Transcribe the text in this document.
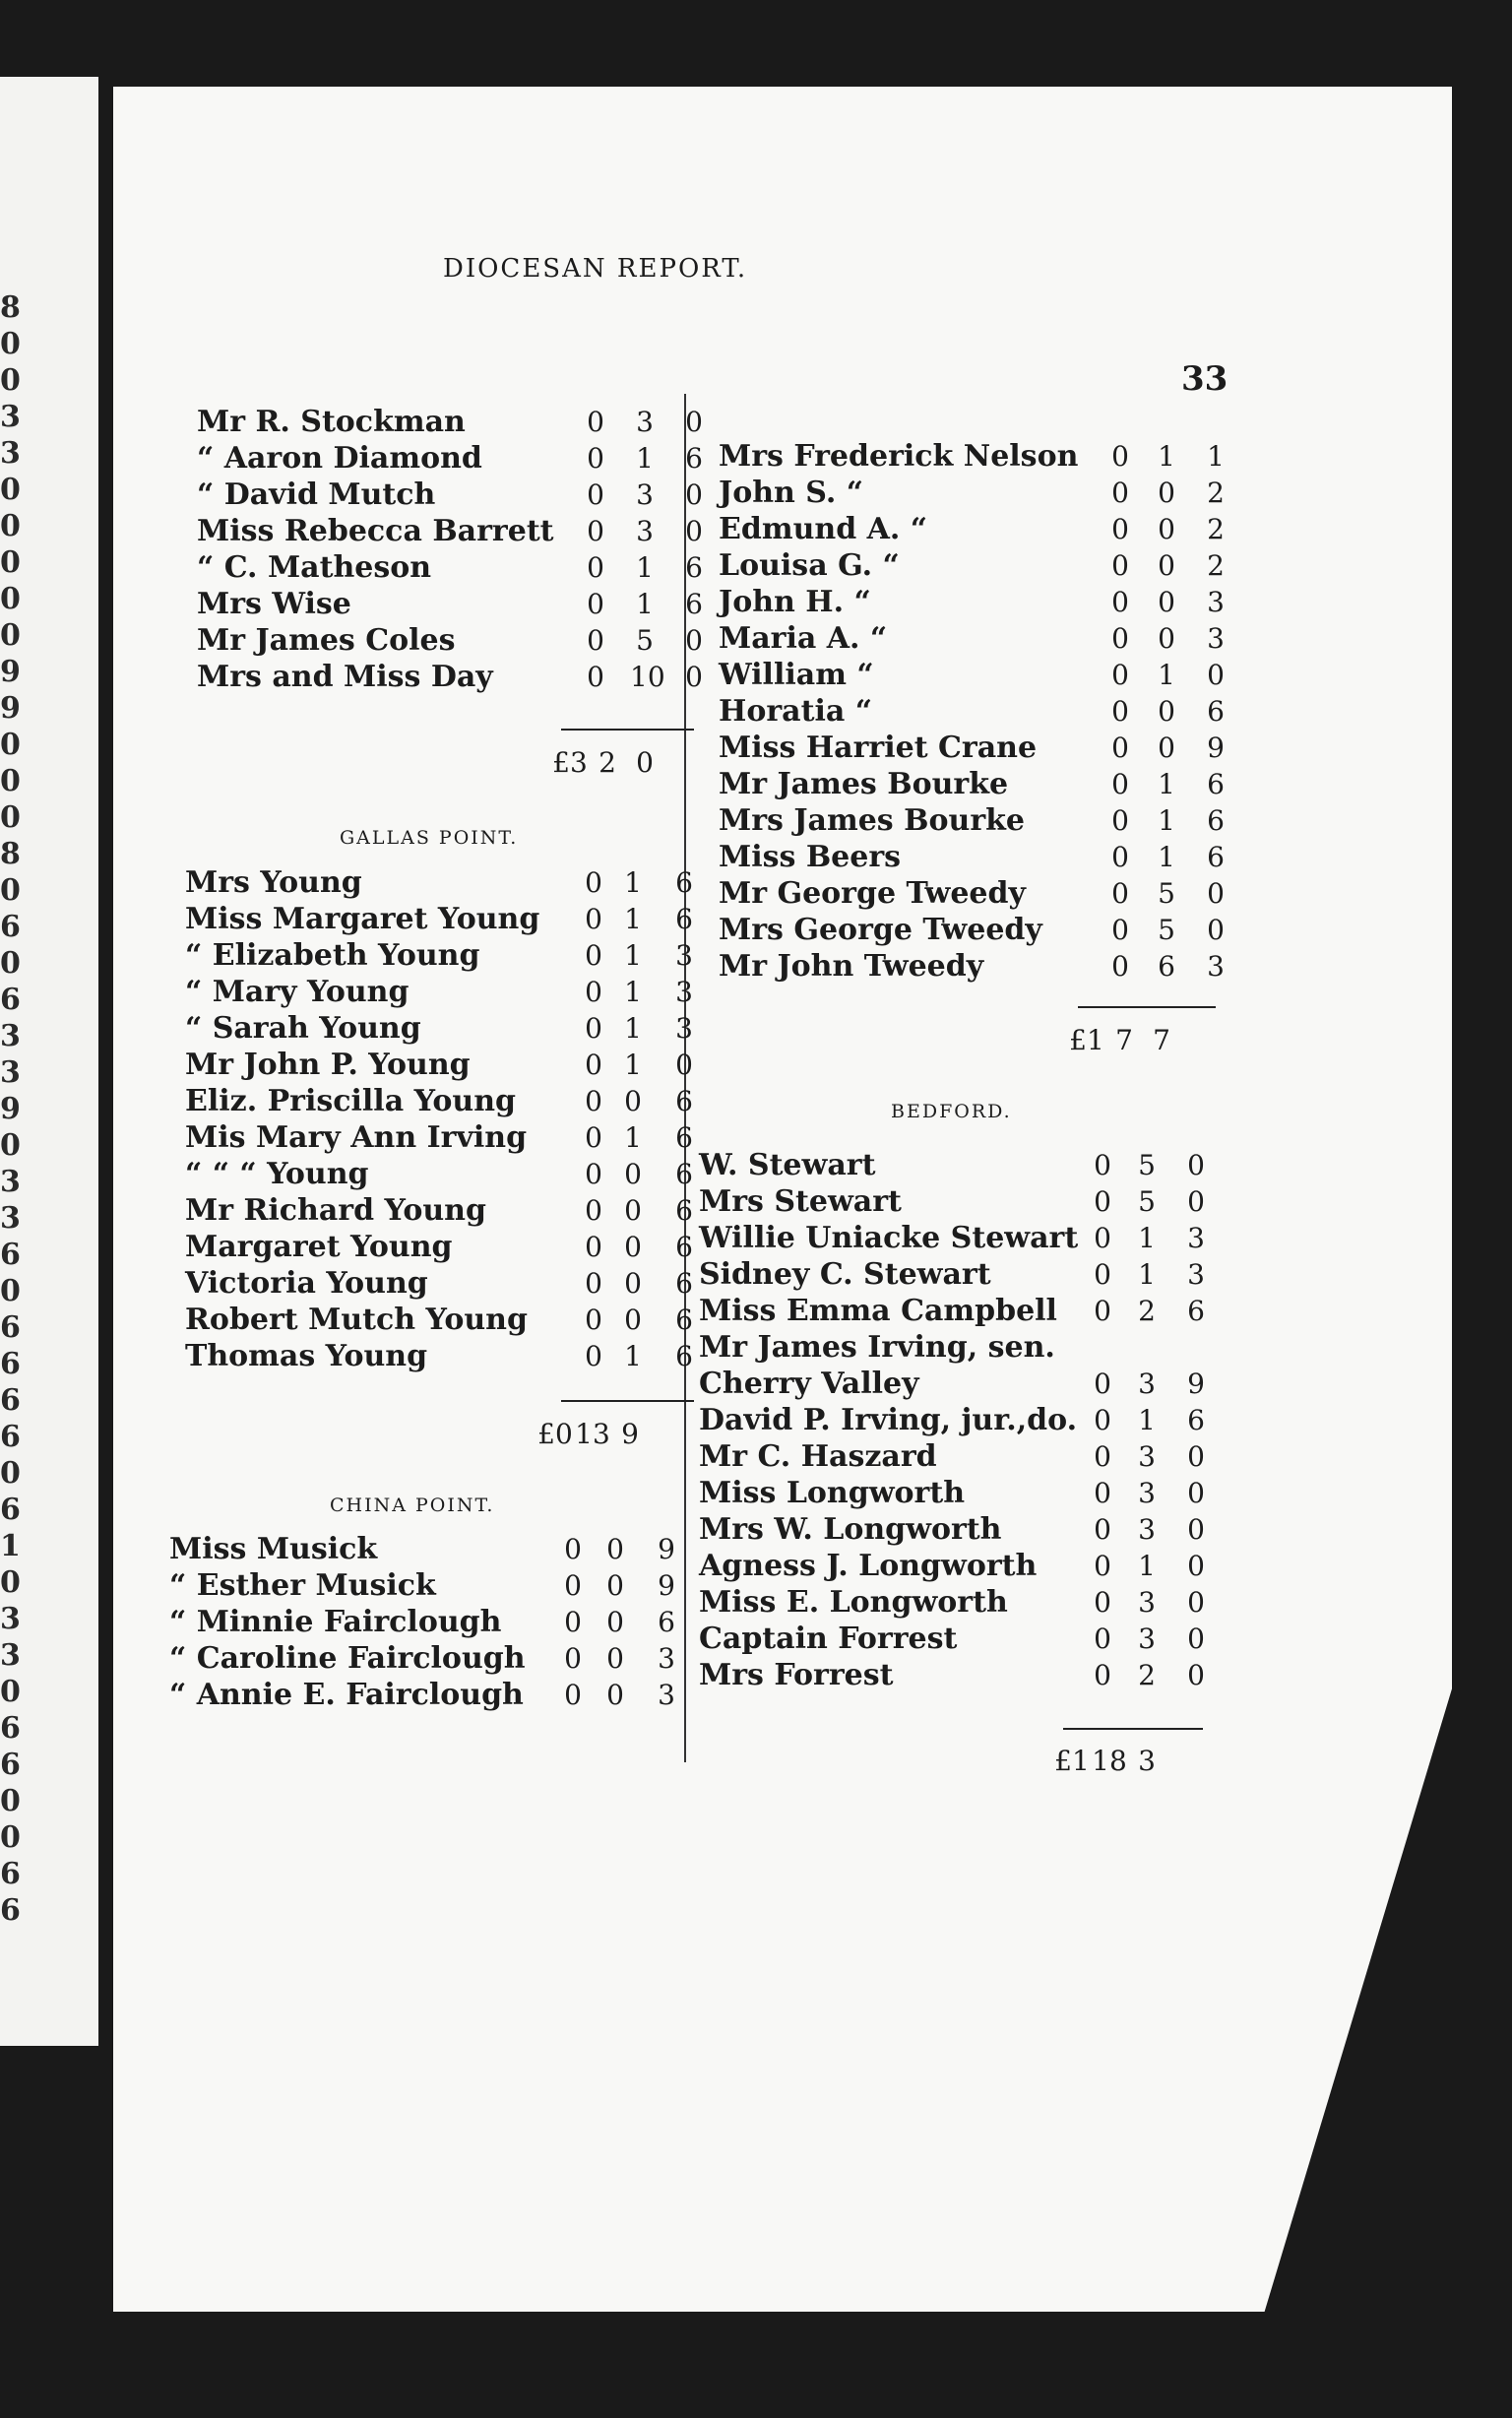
8
0
0
3
3
0
0
0
0
0
9
9
0
0
0
8
0
6
0
6
3
3
9
0
3
3
6
0
6
6
6
6
0
6
1
0
3
3
0
6
6
0
0
6
6
DIOCESAN REPORT.
33
Mr R. Stockman	0 3 0
“ Aaron Diamond	0 1 6
“ David Mutch	0 3 0
Miss Rebecca Barrett 0 3 0
“ C. Matheson	0 1 6
Mrs Wise	0 1 6
Mr James Coles	0 5 0
Mrs and Miss Day	0 10 0
£3 2 0
GALLAS POINT.
Mrs Young	0 1 6
Miss Margaret Young 0 1 6
“ Elizabeth Young	0 1 3
“ Mary Young	0 1 3
“ Sarah Young	0 1 3
Mr John P. Young	0 1 0
Eliz. Priscilla Young	0 0 6
Mis Mary Ann Irving 0 1 6
“ “ “ Young	0 0 6
Mr Richard Young	0 0 6
Margaret Young	0 0 6
Victoria Young	0 0 6
Robert Mutch Young 0 0 6
Thomas Young	0 1 6
£013 9
CHINA POINT.
Miss Musick	0 0 9
“ Esther Musick	0 0 9
“ Minnie Fairclough 0 0 6
“ Caroline Fairclough 0 0 3
“ Annie E. Fairclough 0 0 3
Mrs Frederick Nelson 0 1 1
John S. “	0 0 2
Edmund A. “	0 0 2
Louisa G. “	0 0 2
John H. “	0 0 3
Maria A. “	0 0 3
William “	0 1 0
Horatia “	0 0 6
Miss Harriet Crane	0 0 9
Mr James Bourke	0 1 6
Mrs James Bourke	0 1 6
Miss Beers	0 1 6
Mr George Tweedy	0 5 0
Mrs George Tweedy	0 5 0
Mr John Tweedy	0 6 3
£1 7 7
BEDFORD.
W. Stewart	0 5 0
Mrs Stewart	0 5 0
Willie Uniacke Stewart 0 1 3
Sidney C. Stewart	0 1 3
Miss Emma Campbell 0 2 6
Mr James Irving, sen.
Cherry Valley	0 3 9
David P. Irving, jur.,do. 0 1 6
Mr C. Haszard	0 3 0
Miss Longworth	0 3 0
Mrs W. Longworth	0 3 0
Agness J. Longworth 0 1 0
Miss E. Longworth	0 3 0
Captain Forrest	0 3 0
Mrs Forrest	0 2 0
£118 3
